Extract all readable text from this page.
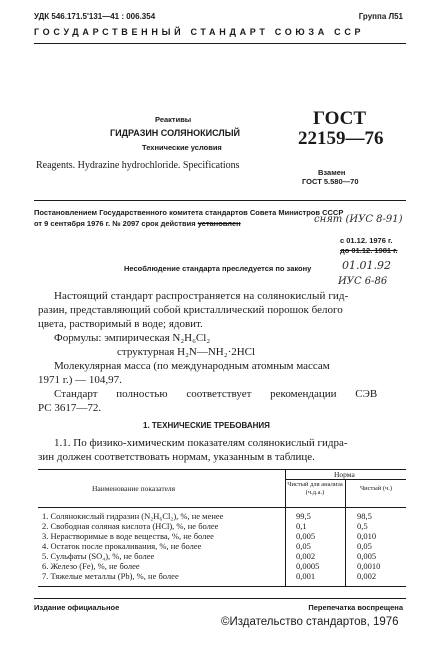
УДК 546.171.5'131—41 : 006.354	Группа Л51
ГОСУДАРСТВЕННЫЙ СТАНДАРТ СОЮЗА ССР
Реактивы
ГИДРАЗИН СОЛЯНОКИСЛЫЙ
Технические условия
Reagents. Hydrazine hydrochloride. Specifications
ГОСТ
22159—76
Взамен
ГОСТ 5.580—70
Постановлением Государственного комитета стандартов Совета Министров СССР
от 9 сентября 1976 г. № 2097 срок действия установлен	снят (ИУС 8-91)
с 01.12. 1976 г.
до 01.12. 1981 г.
Несоблюдение стандарта преследуется по закону	01.01.92
ИУС 6-86
Настоящий стандарт распространяется на солянокислый гид-
разин, представляющий собой кристаллический порошок белого
цвета, растворимый в воде; ядовит.
Формулы: эмпирическая N₂H₆Cl₂
структурная H₂N—NH₂·2HCl
Молекулярная масса (по международным атомным массам
1971 г.) — 104,97.
Стандарт полностью соответствует рекомендации СЭВ
РС 3617—72.
1. ТЕХНИЧЕСКИЕ ТРЕБОВАНИЯ
1.1. По физико-химическим показателям солянокислый гидра-
зин должен соответствовать нормам, указанным в таблице.
Наименование показателя
Норма
Чистый для анализа (ч.д.а.)
Чистый (ч.)
1. Солянокислый гидразин (N₂H₆Cl₂), %, не менее	99,5	98,5
2. Свободная соляная кислота (HCl), %, не более	0,1	0,5
3. Нерастворимые в воде вещества, %, не более	0,005	0,010
4. Остаток после прокаливания, %, не более	0,05	0,05
5. Сульфаты (SO₄), %, не более	0,002	0,005
6. Железо (Fe), %, не более	0,0005	0,0010
7. Тяжелые металлы (Pb), %, не более	0,001	0,002
Издание официальное	Перепечатка воспрещена
©Издательство стандартов, 1976
